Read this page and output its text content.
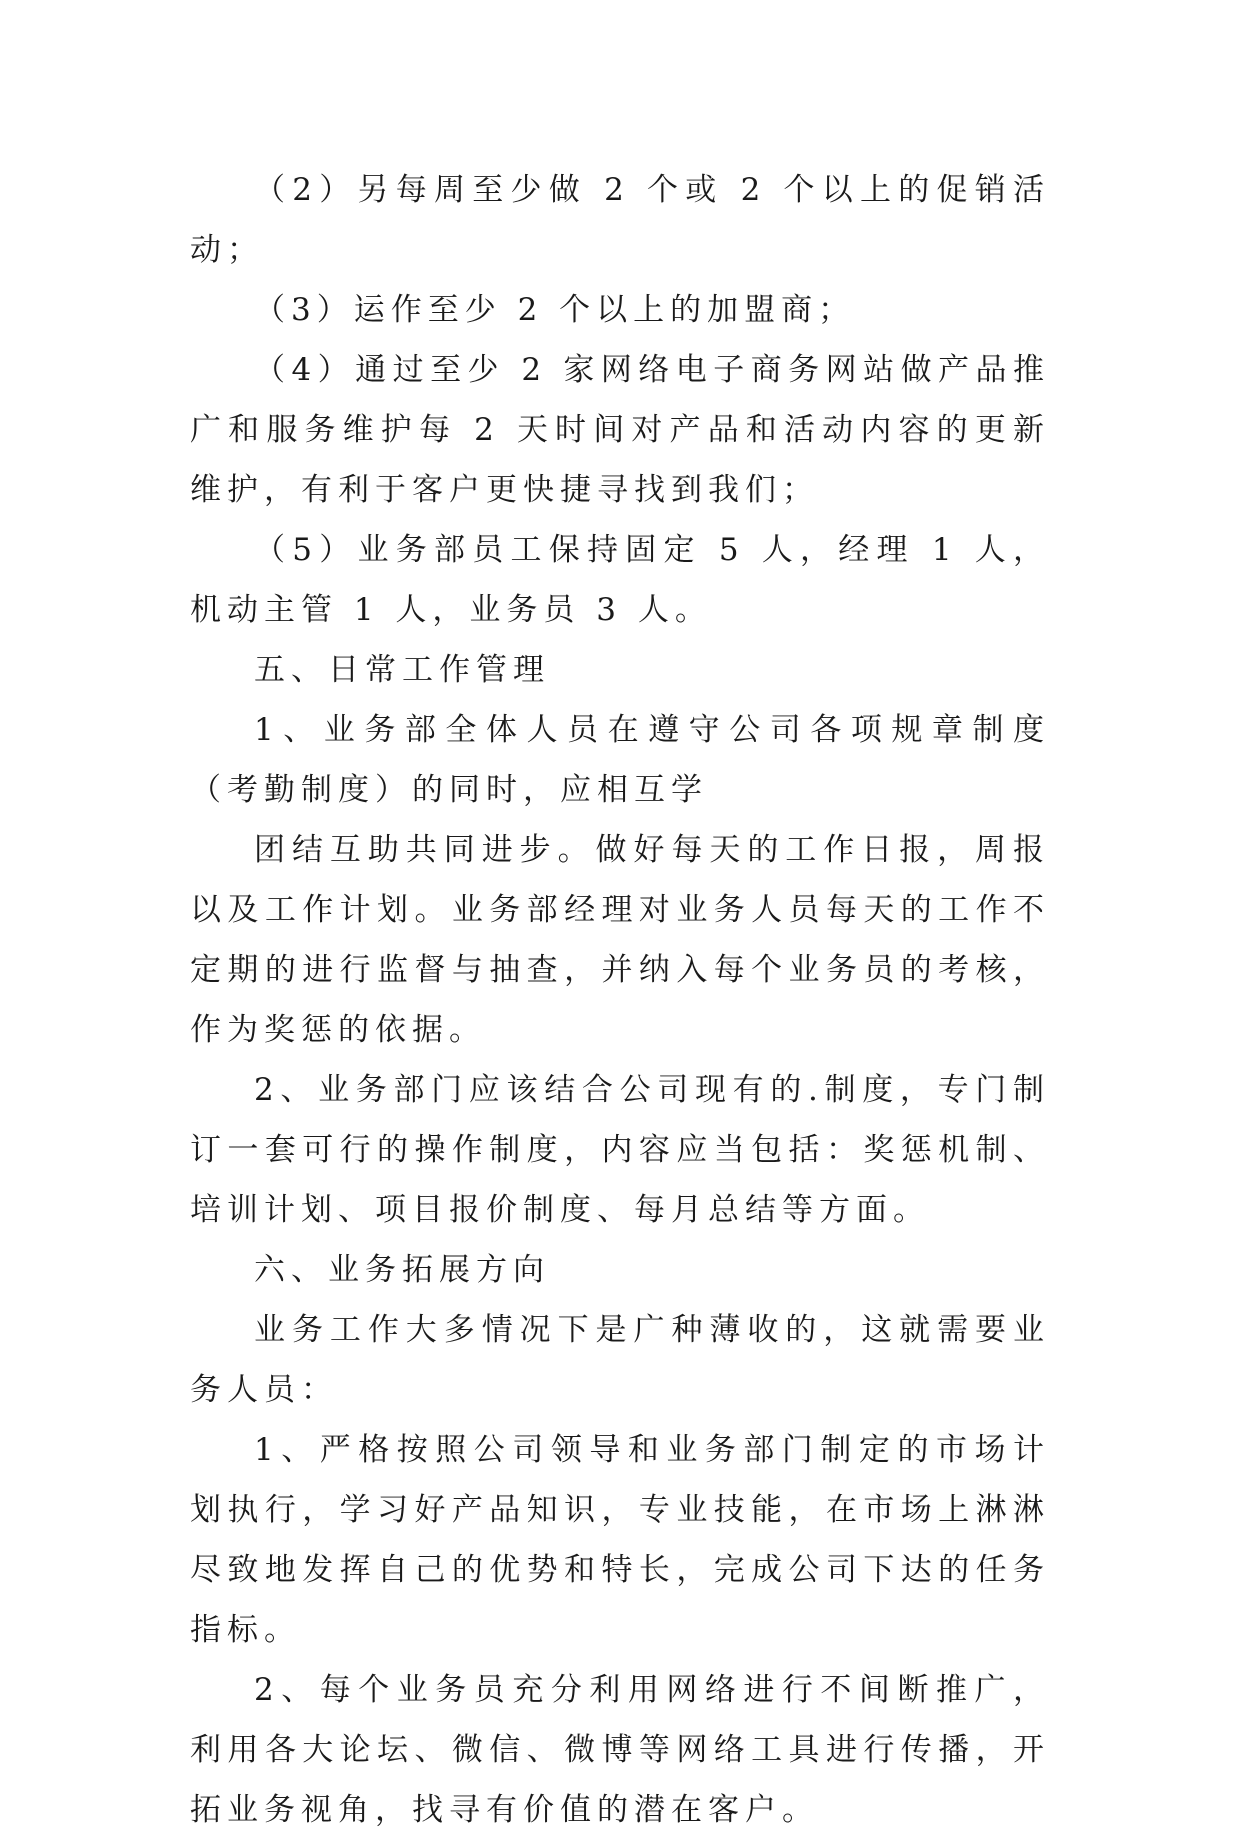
（2）另每周至少做 2 个或 2 个以上的促销活动；

（3）运作至少 2 个以上的加盟商；

（4）通过至少 2 家网络电子商务网站做产品推广和服务维护每 2 天时间对产品和活动内容的更新维护，有利于客户更快捷寻找到我们；

（5）业务部员工保持固定 5 人，经理 1 人，机动主管 1 人，业务员 3 人。

五、日常工作管理

1、业务部全体人员在遵守公司各项规章制度（考勤制度）的同时，应相互学

团结互助共同进步。做好每天的工作日报，周报以及工作计划。业务部经理对业务人员每天的工作不定期的进行监督与抽查，并纳入每个业务员的考核，作为奖惩的依据。

2、业务部门应该结合公司现有的.制度，专门制订一套可行的操作制度，内容应当包括：奖惩机制、培训计划、项目报价制度、每月总结等方面。

六、业务拓展方向

业务工作大多情况下是广种薄收的，这就需要业务人员：

1、严格按照公司领导和业务部门制定的市场计划执行，学习好产品知识，专业技能，在市场上淋淋尽致地发挥自己的优势和特长，完成公司下达的任务指标。

2、每个业务员充分利用网络进行不间断推广，利用各大论坛、微信、微博等网络工具进行传播，开拓业务视角，找寻有价值的潜在客户。
